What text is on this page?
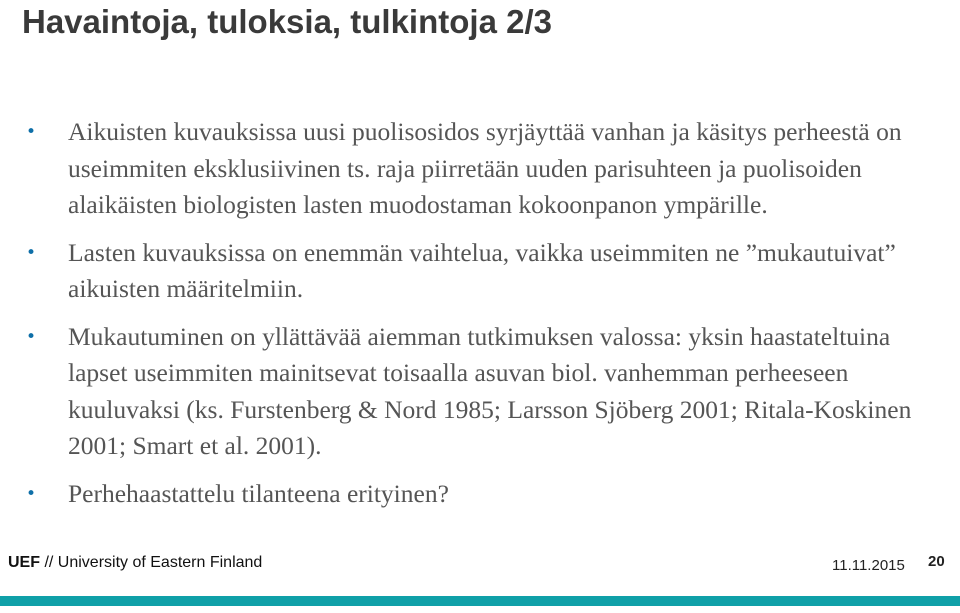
Havaintoja, tuloksia, tulkintoja 2/3
• Aikuisten kuvauksissa uusi puolisosidos syrjäyttää vanhan ja käsitys perheestä on useimmiten eksklusiivinen ts. raja piirretään uuden parisuhteen ja puolisoiden alaikäisten biologisten lasten muodostaman kokoonpanon ympärille.
• Lasten kuvauksissa on enemmän vaihtelua, vaikka useimmiten ne ”mukautuivat” aikuisten määritelmiin.
• Mukautuminen on yllättävää aiemman tutkimuksen valossa: yksin haastateltuina lapset useimmiten mainitsevat toisaalla asuvan biol. vanhemman perheeseen kuuluvaksi (ks. Furstenberg & Nord 1985; Larsson Sjöberg 2001; Ritala-Koskinen 2001; Smart et al. 2001).
• Perhehaastattelu tilanteena erityinen?
UEF // University of Eastern Finland	11.11.2015 20
